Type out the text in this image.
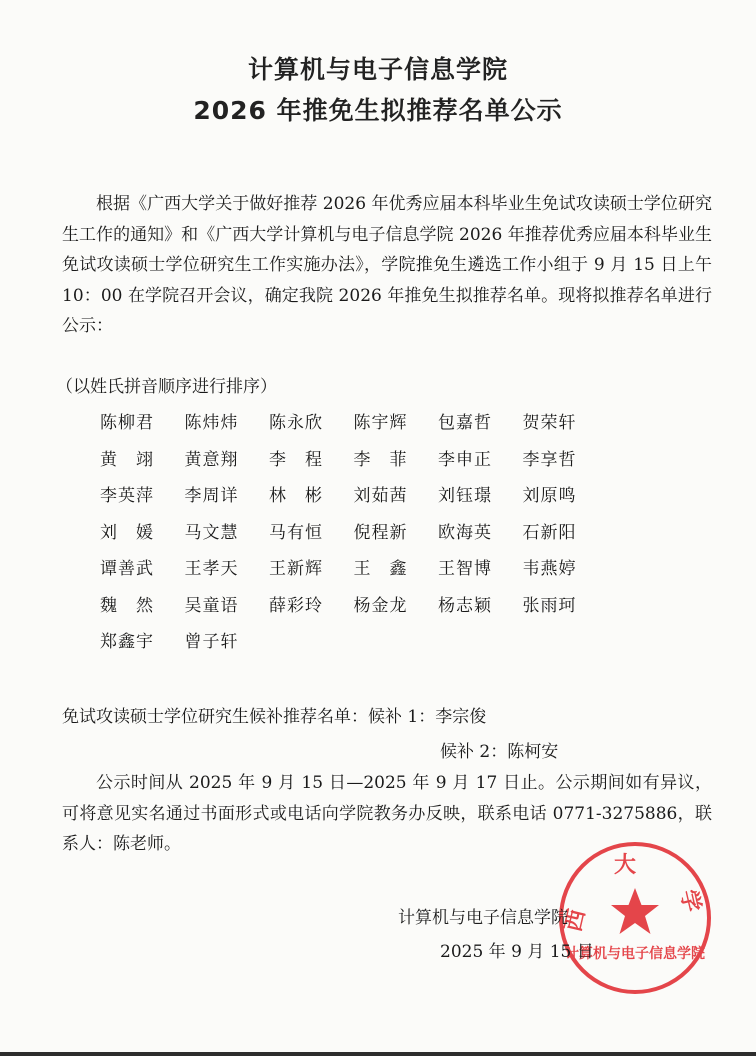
计算机与电子信息学院
2026 年推免生拟推荐名单公示
根据《广西大学关于做好推荐 2026 年优秀应届本科毕业生免试攻读硕士学位研究生工作的通知》和《广西大学计算机与电子信息学院 2026 年推荐优秀应届本科毕业生免试攻读硕士学位研究生工作实施办法》，学院推免生遴选工作小组于 9 月 15 日上午 10：00 在学院召开会议，确定我院 2026 年推免生拟推荐名单。现将拟推荐名单进行公示：
（以姓氏拼音顺序进行排序）
陈柳君 陈炜炜 陈永欣 陈宇辉 包嘉哲 贺荣轩
黄　翊 黄意翔 李　程 李　菲 李申正 李享哲
李英萍 李周详 林　彬 刘茹茜 刘钰璟 刘原鸣
刘　媛 马文慧 马有恒 倪程新 欧海英 石新阳
谭善武 王孝天 王新辉 王　鑫 王智博 韦燕婷
魏　然 吴童语 薛彩玲 杨金龙 杨志颖 张雨珂
郑鑫宇 曾子轩
免试攻读硕士学位研究生候补推荐名单：候补 1：李宗俊
候补 2：陈柯安
公示时间从 2025 年 9 月 15 日—2025 年 9 月 17 日止。公示期间如有异议，可将意见实名通过书面形式或电话向学院教务办反映，联系电话 0771-3275886，联系人：陈老师。
西 大 学
计算机与电子信息学院
计算机与电子信息学院
2025 年 9 月 15 日
